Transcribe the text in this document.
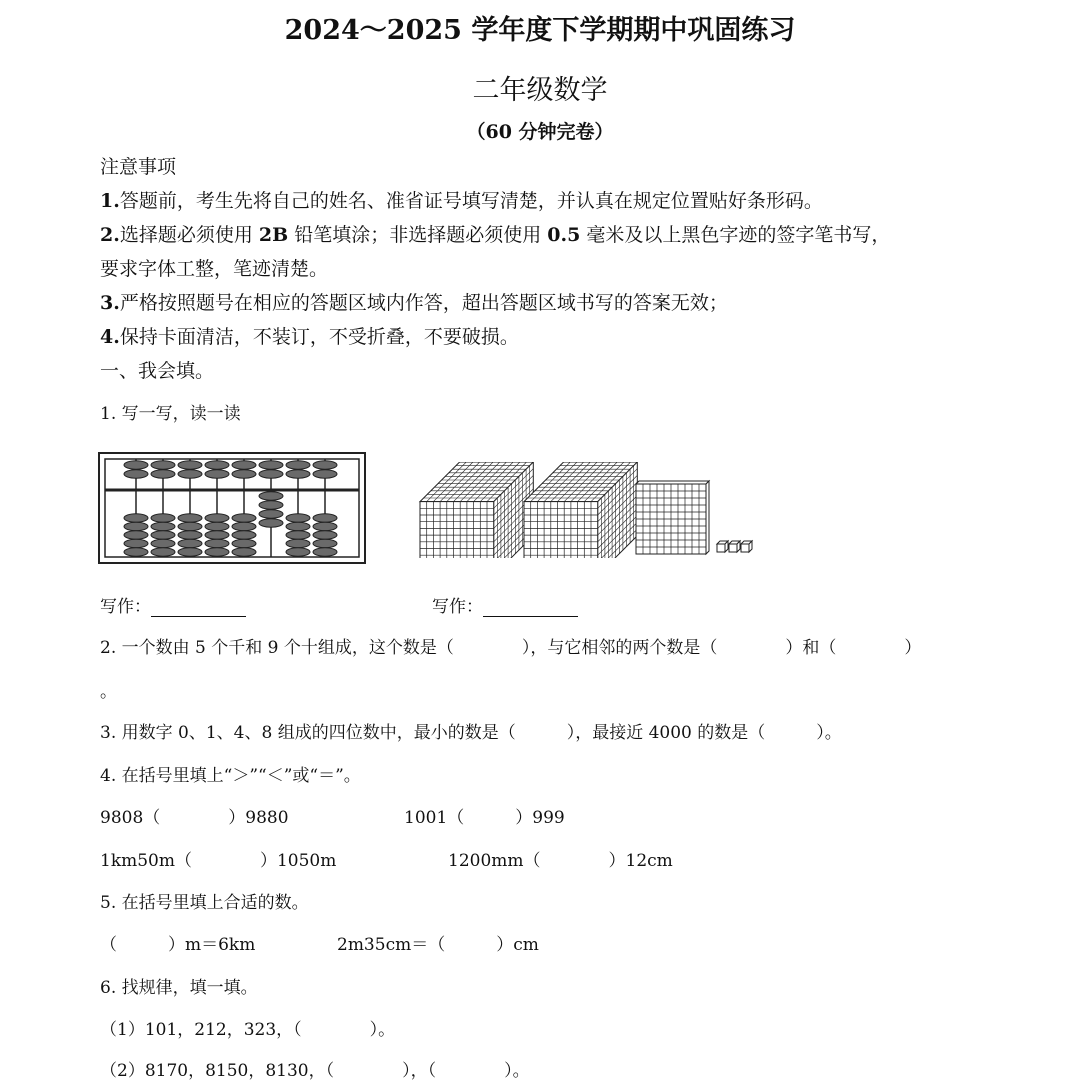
2024～2025 学年度下学期期中巩固练习
二年级数学
（60 分钟完卷）
注意事项
1.答题前，考生先将自己的姓名、准省证号填写清楚，并认真在规定位置贴好条形码。
2.选择题必须使用 2B 铅笔填涂；非选择题必须使用 0.5 毫米及以上黑色字迹的签字笔书写，
要求字体工整，笔迹清楚。
3.严格按照题号在相应的答题区域内作答，超出答题区域书写的答案无效；
4.保持卡面清洁，不装订，不受折叠，不要破损。
一、我会填。
1. 写一写，读一读
写作：	写作：
2. 一个数由 5 个千和 9 个十组成，这个数是（　　　　），与它相邻的两个数是（　　　　）和（　　　　）
。
3. 用数字 0、1、4、8 组成的四位数中，最小的数是（　　　），最接近 4000 的数是（　　　）。
4. 在括号里填上“＞”“＜”或“＝”。
9808（　　　　）9880	1001（　　　）999
1km50m（　　　　）1050m	1200mm（　　　　）12cm
5. 在括号里填上合适的数。
（　　　）m＝6km	2m35cm＝（　　　）cm
6. 找规律，填一填。
（1）101，212，323，（　　　　）。
（2）8170，8150，8130，（　　　　），（　　　　）。
